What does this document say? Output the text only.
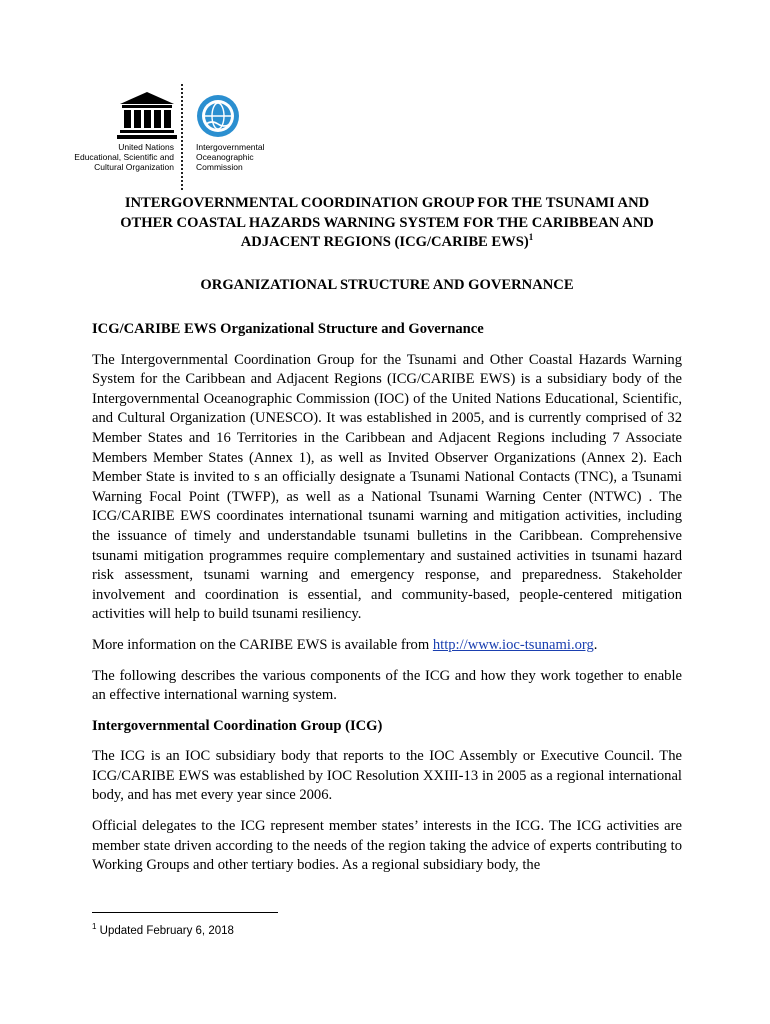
United Nations
Educational, Scientific and
Cultural Organization
Intergovernmental
Oceanographic
Commission
INTERGOVERNMENTAL COORDINATION GROUP FOR THE TSUNAMI AND
OTHER COASTAL HAZARDS WARNING SYSTEM FOR THE CARIBBEAN AND
ADJACENT REGIONS (ICG/CARIBE EWS)$^1$
ORGANIZATIONAL STRUCTURE AND GOVERNANCE
ICG/CARIBE EWS Organizational Structure and Governance

The Intergovernmental Coordination Group for the Tsunami and Other Coastal Hazards Warning System for the Caribbean and Adjacent Regions (ICG/CARIBE EWS) is a subsidiary body of the Intergovernmental Oceanographic Commission (IOC) of the United Nations Educational, Scientific, and Cultural Organization (UNESCO). It was established in 2005, and is currently comprised of 32 Member States and 16 Territories in the Caribbean and Adjacent Regions including 7 Associate Members Member States (Annex 1), as well as Invited Observer Organizations (Annex 2). Each Member State is invited to s an officially designate a Tsunami National Contacts (TNC), a Tsunami Warning Focal Point (TWFP), as well as a National Tsunami Warning Center (NTWC) . The ICG/CARIBE EWS coordinates international tsunami warning and mitigation activities, including the issuance of timely and understandable tsunami bulletins in the Caribbean. Comprehensive tsunami mitigation programmes require complementary and sustained activities in tsunami hazard risk assessment, tsunami warning and emergency response, and preparedness. Stakeholder involvement and coordination is essential, and community-based, people-centered mitigation activities will help to build tsunami resiliency.

More information on the CARIBE EWS is available from http://www.ioc-tsunami.org.

The following describes the various components of the ICG and how they work together to enable an effective international warning system.

Intergovernmental Coordination Group (ICG)

The ICG is an IOC subsidiary body that reports to the IOC Assembly or Executive Council. The ICG/CARIBE EWS was established by IOC Resolution XXIII-13 in 2005 as a regional international body, and has met every year since 2006.

Official delegates to the ICG represent member states’ interests in the ICG. The ICG activities are member state driven according to the needs of the region taking the advice of experts contributing to Working Groups and other tertiary bodies. As a regional subsidiary body, the

$^1$ Updated February 6, 2018
